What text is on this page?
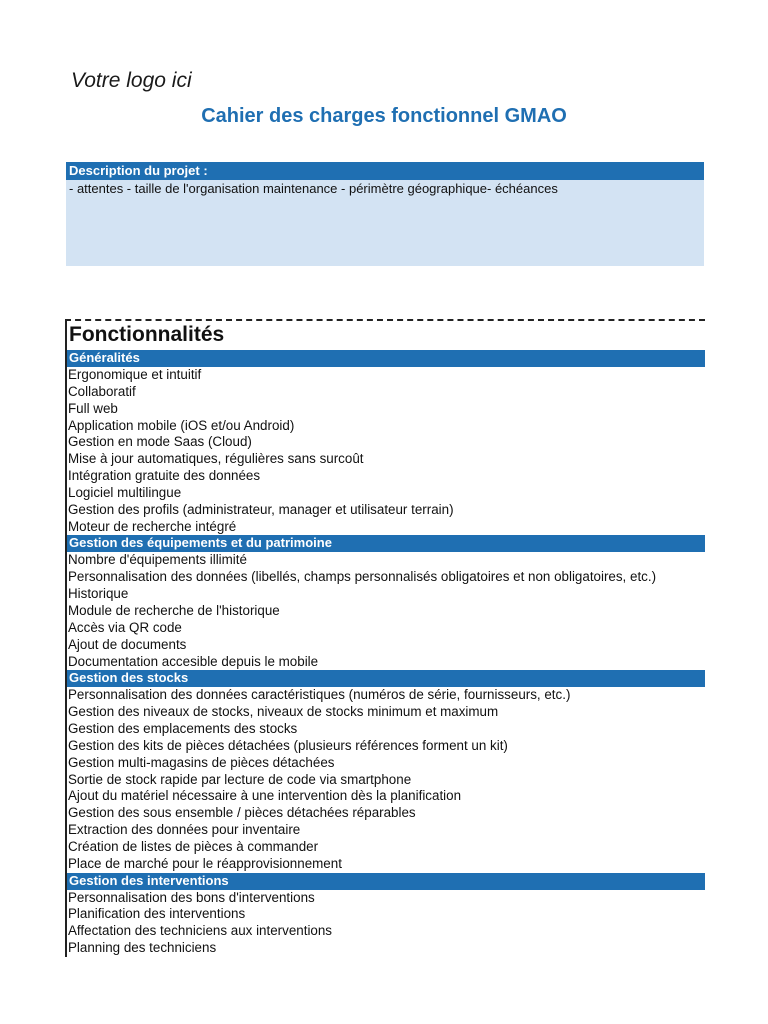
Votre logo ici
Cahier des charges fonctionnel GMAO
Description du projet :
- attentes - taille de l'organisation maintenance - périmètre géographique- échéances
Fonctionnalités
Généralités
Ergonomique et intuitif
Collaboratif
Full web
Application mobile (iOS et/ou Android)
Gestion en mode Saas (Cloud)
Mise à jour automatiques, régulières sans surcoût
Intégration gratuite des données
Logiciel multilingue
Gestion des profils (administrateur, manager et utilisateur terrain)
Moteur de recherche intégré
Gestion des équipements et du patrimoine
Nombre d'équipements illimité
Personnalisation des données (libellés, champs personnalisés obligatoires et non obligatoires, etc.)
Historique
Module de recherche de l'historique
Accès via QR code
Ajout de documents
Documentation accesible depuis le mobile
Gestion des stocks
Personnalisation des données caractéristiques (numéros de série, fournisseurs, etc.)
Gestion des niveaux de stocks, niveaux de stocks minimum et maximum
Gestion des emplacements des stocks
Gestion des kits de pièces détachées (plusieurs références forment un kit)
Gestion multi-magasins de pièces détachées
Sortie de stock rapide par lecture de code via smartphone
Ajout du matériel nécessaire à une intervention dès la planification
Gestion des sous ensemble / pièces détachées réparables
Extraction des données pour inventaire
Création de listes de pièces à commander
Place de marché pour le réapprovisionnement
Gestion des interventions
Personnalisation des bons d'interventions
Planification des interventions
Affectation des techniciens aux interventions
Planning des techniciens
